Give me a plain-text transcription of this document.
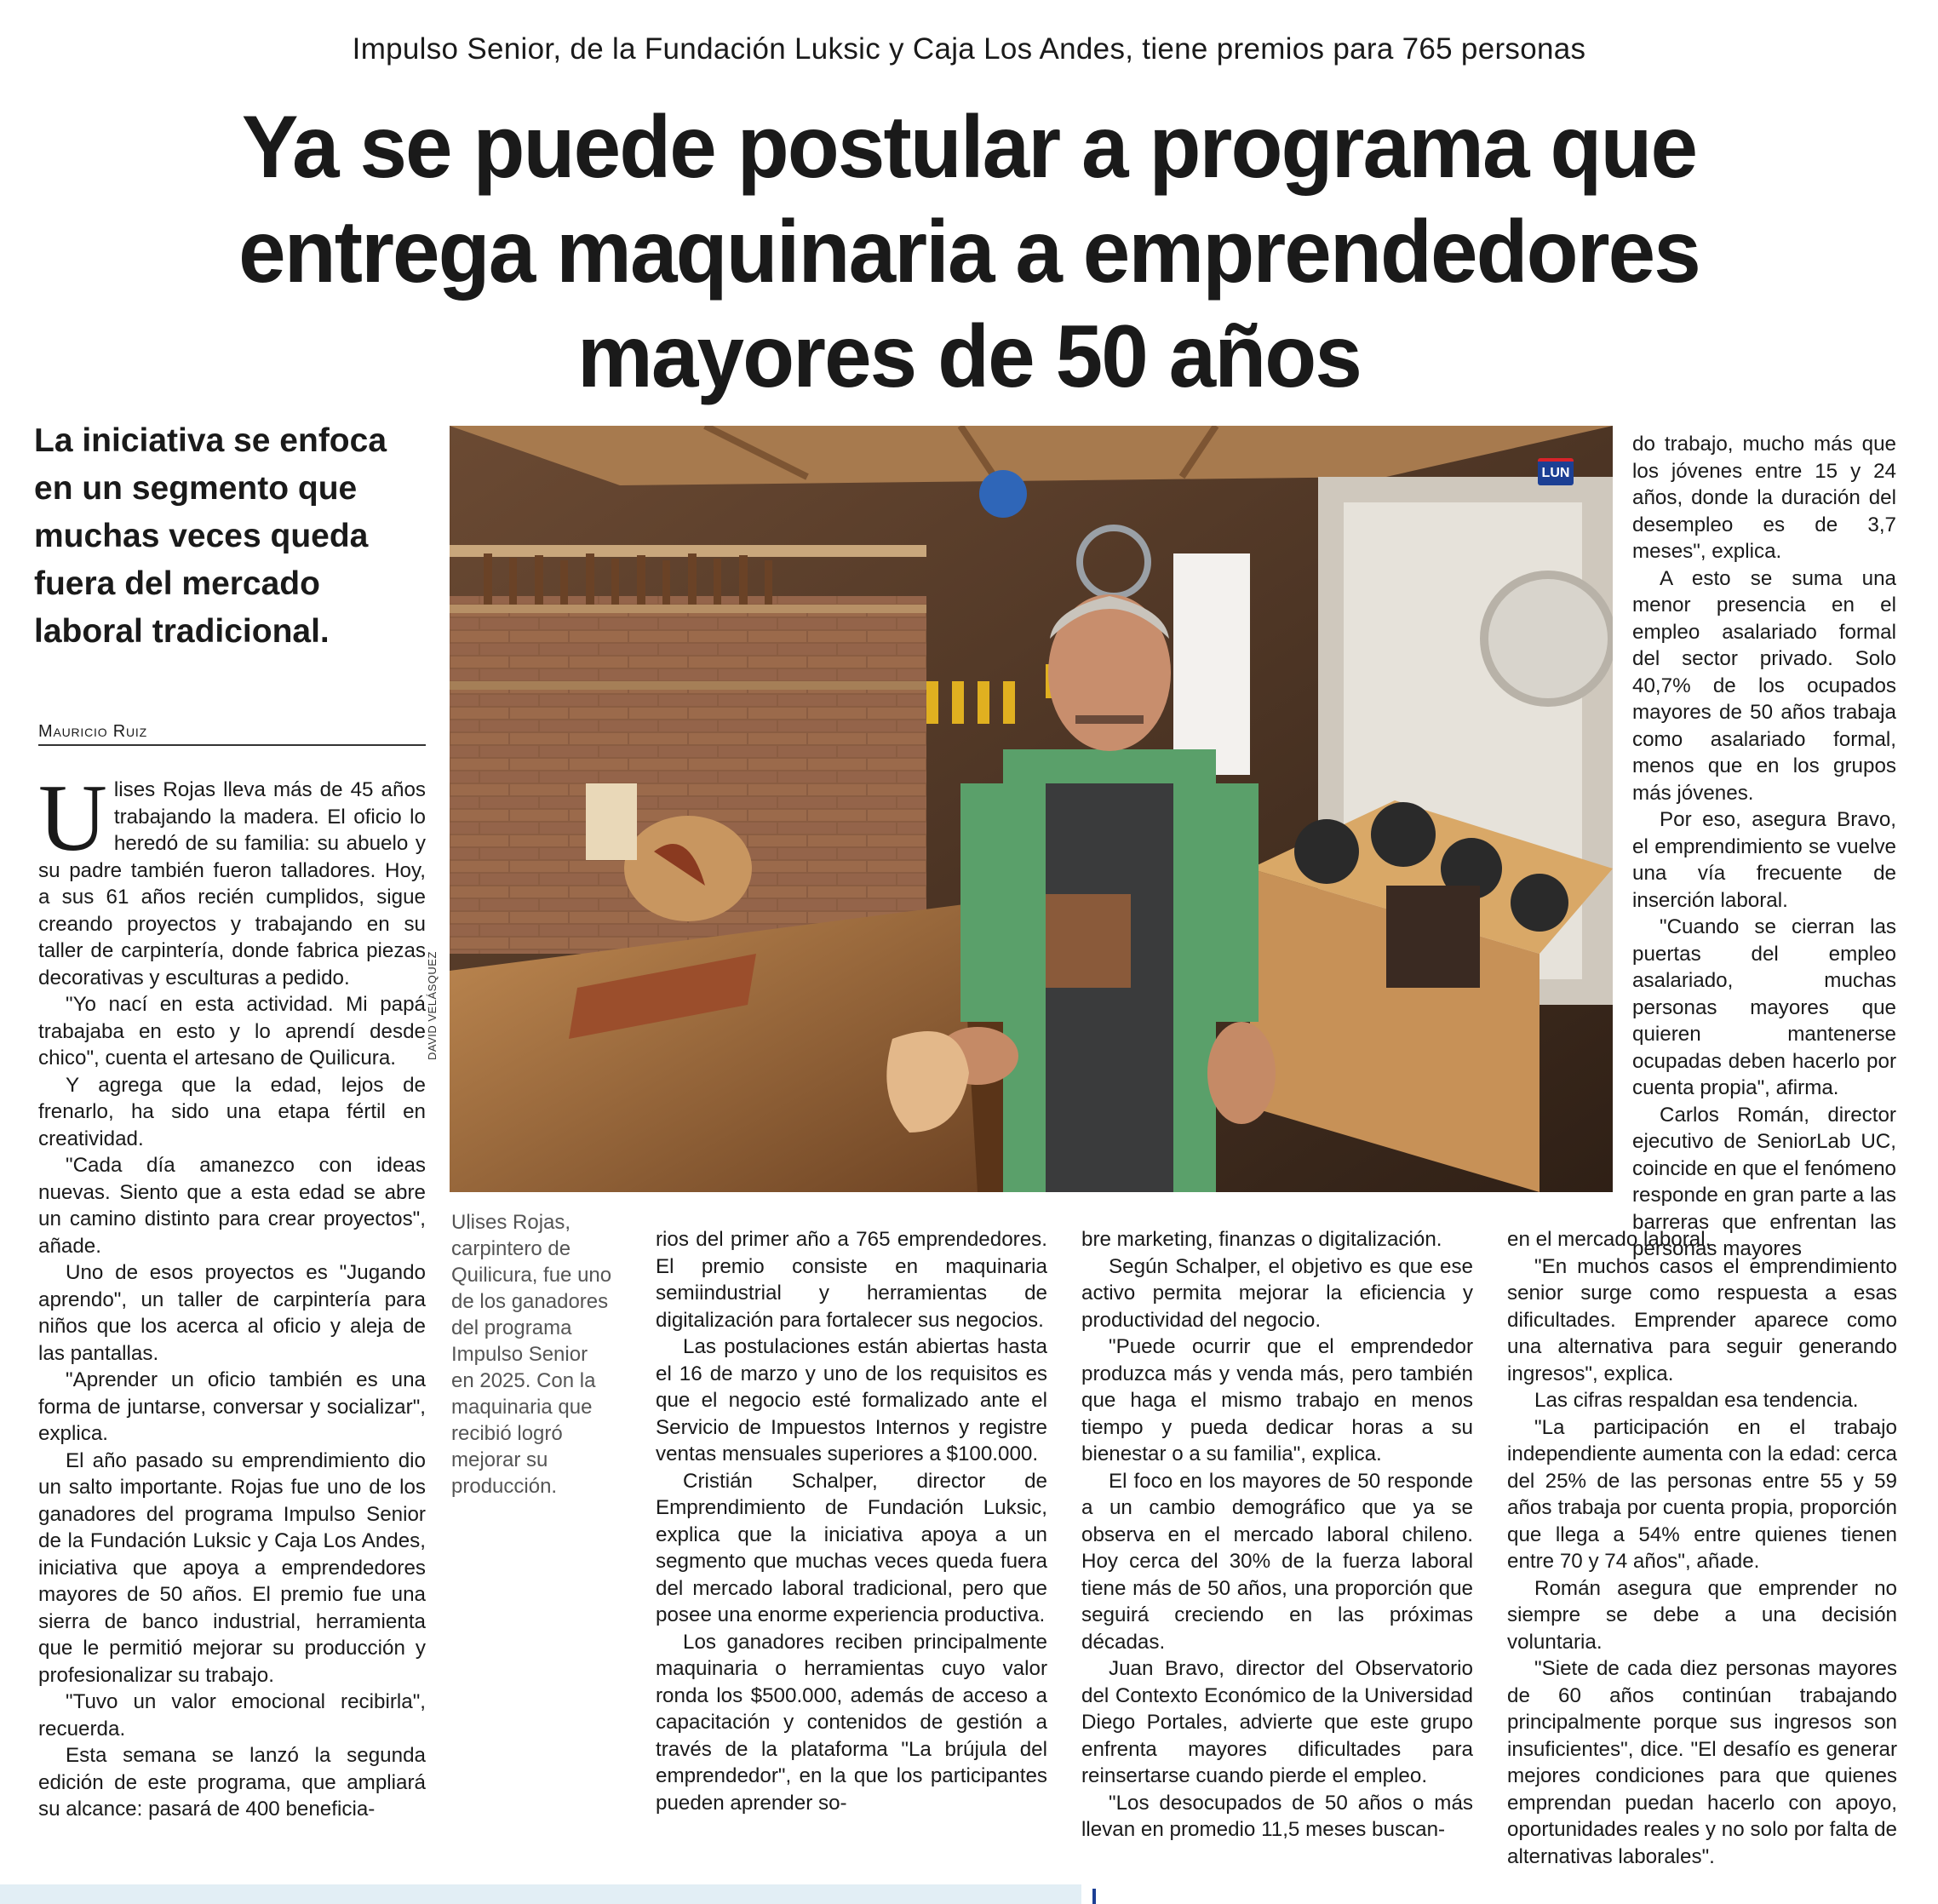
Impulso Senior, de la Fundación Luksic y Caja Los Andes, tiene premios para 765 personas
Ya se puede postular a programa que
entrega maquinaria a emprendedores
mayores de 50 años
La iniciativa se enfoca en un segmento que muchas veces queda fuera del mercado laboral tradicional.
Mauricio Ruiz
LUN
DAVID VELÁSQUEZ
Ulises Rojas, carpintero de Quilicura, fue uno de los ganadores del programa Impulso Senior en 2025. Con la maquinaria que recibió logró mejorar su producción.

Ulises Rojas lleva más de 45 años trabajando la madera. El oficio lo heredó de su familia: su abuelo y su padre también fueron talladores. Hoy, a sus 61 años recién cumplidos, sigue creando proyectos y trabajando en su taller de carpintería, donde fabrica piezas decorativas y esculturas a pedido.

"Yo nací en esta actividad. Mi papá trabajaba en esto y lo aprendí desde chico", cuenta el artesano de Quilicura.

Y agrega que la edad, lejos de frenarlo, ha sido una etapa fértil en creatividad.

"Cada día amanezco con ideas nuevas. Siento que a esta edad se abre un camino distinto para crear proyectos", añade.

Uno de esos proyectos es "Jugando aprendo", un taller de carpintería para niños que los acerca al oficio y aleja de las pantallas.

"Aprender un oficio también es una forma de juntarse, conversar y socializar", explica.

El año pasado su emprendimiento dio un salto importante. Rojas fue uno de los ganadores del programa Impulso Senior de la Fundación Luksic y Caja Los Andes, iniciativa que apoya a emprendedores mayores de 50 años. El premio fue una sierra de banco industrial, herramienta que le permitió mejorar su producción y profesionalizar su trabajo.

"Tuvo un valor emocional recibirla", recuerda.

Esta semana se lanzó la segunda edición de este programa, que ampliará su alcance: pasará de 400 beneficia-

rios del primer año a 765 emprendedores. El premio consiste en maquinaria semiindustrial y herramientas de digitalización para fortalecer sus negocios.

Las postulaciones están abiertas hasta el 16 de marzo y uno de los requisitos es que el negocio esté formalizado ante el Servicio de Impuestos Internos y registre ventas mensuales superiores a $100.000.

Cristián Schalper, director de Emprendimiento de Fundación Luksic, explica que la iniciativa apoya a un segmento que muchas veces queda fuera del mercado laboral tradicional, pero que posee una enorme experiencia productiva.

Los ganadores reciben principalmente maquinaria o herramientas cuyo valor ronda los $500.000, además de acceso a capacitación y contenidos de gestión a través de la plataforma "La brújula del emprendedor", en la que los participantes pueden aprender so-

bre marketing, finanzas o digitalización.

Según Schalper, el objetivo es que ese activo permita mejorar la eficiencia y productividad del negocio.

"Puede ocurrir que el emprendedor produzca más y venda más, pero también que haga el mismo trabajo en menos tiempo y pueda dedicar horas a su bienestar o a su familia", explica.

El foco en los mayores de 50 responde a un cambio demográfico que ya se observa en el mercado laboral chileno. Hoy cerca del 30% de la fuerza laboral tiene más de 50 años, una proporción que seguirá creciendo en las próximas décadas.

Juan Bravo, director del Observatorio del Contexto Económico de la Universidad Diego Portales, advierte que este grupo enfrenta mayores dificultades para reinsertarse cuando pierde el empleo.

"Los desocupados de 50 años o más llevan en promedio 11,5 meses buscan-

do trabajo, mucho más que los jóvenes entre 15 y 24 años, donde la duración del desempleo es de 3,7 meses", explica.

A esto se suma una menor presencia en el empleo asalariado formal del sector privado. Solo 40,7% de los ocupados mayores de 50 años trabaja como asalariado formal, menos que en los grupos más jóvenes.

Por eso, asegura Bravo, el emprendimiento se vuelve una vía frecuente de inserción laboral.

"Cuando se cierran las puertas del empleo asalariado, muchas personas mayores que quieren mantenerse ocupadas deben hacerlo por cuenta propia", afirma.

Carlos Román, director ejecutivo de SeniorLab UC, coincide en que el fenómeno responde en gran parte a las barreras que enfrentan las personas mayores

en el mercado laboral.

"En muchos casos el emprendimiento senior surge como respuesta a esas dificultades. Emprender aparece como una alternativa para seguir generando ingresos", explica.

Las cifras respaldan esa tendencia.

"La participación en el trabajo independiente aumenta con la edad: cerca del 25% de las personas entre 55 y 59 años trabaja por cuenta propia, proporción que llega a 54% entre quienes tienen entre 70 y 74 años", añade.

Román asegura que emprender no siempre se debe a una decisión voluntaria.

"Siete de cada diez personas mayores de 60 años continúan trabajando principalmente porque sus ingresos son insuficientes", dice. "El desafío es generar mejores condiciones para que quienes emprendan puedan hacerlo con apoyo, oportunidades reales y no solo por falta de alternativas laborales".
